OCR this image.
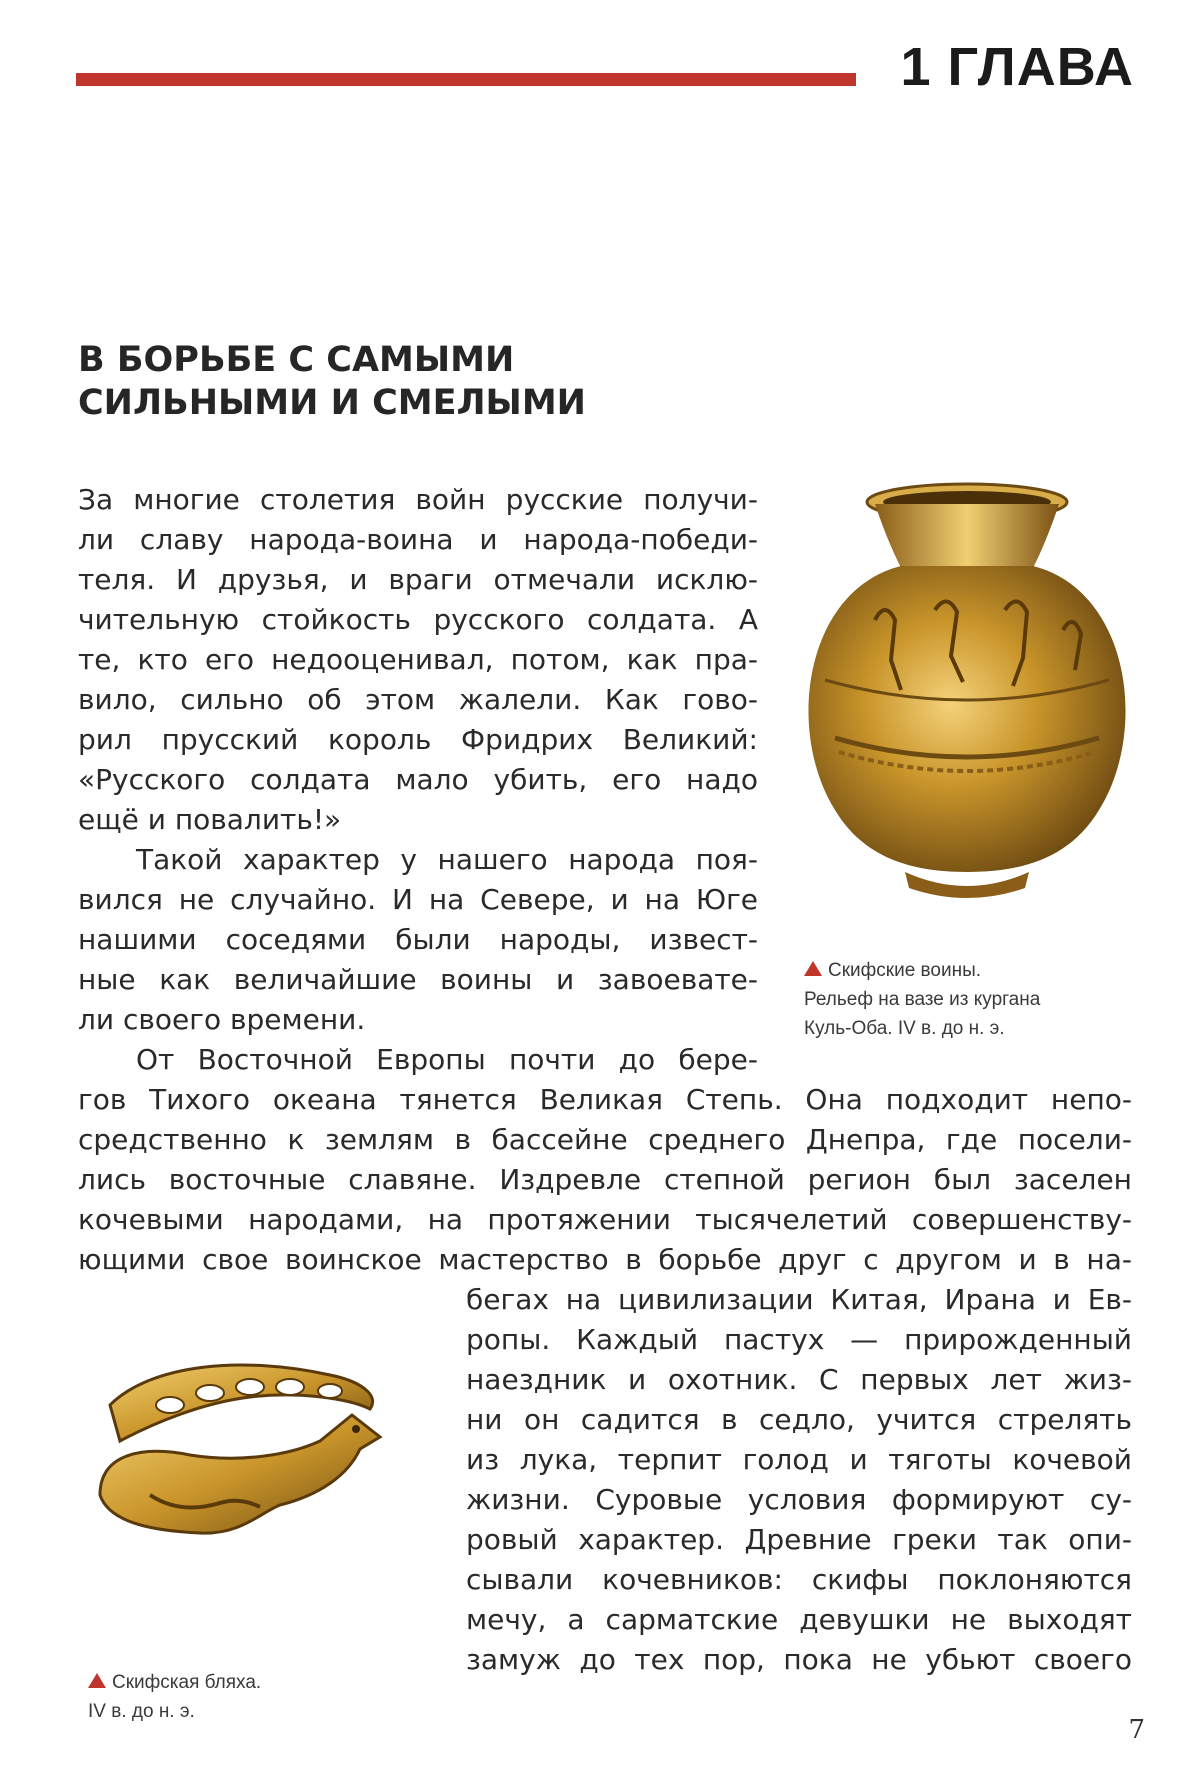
1 ГЛАВА
В БОРЬБЕ С САМЫМИ
СИЛЬНЫМИ И СМЕЛЫМИ
За многие столетия войн русские получи-
ли славу народа-воина и народа-победи-
теля. И друзья, и враги отмечали исклю-
чительную стойкость русского солдата. А
те, кто его недооценивал, потом, как пра-
вило, сильно об этом жалели. Как гово-
рил прусский король Фридрих Великий:
«Русского солдата мало убить, его надо
ещё и повалить!»
Такой характер у нашего народа поя-
вился не случайно. И на Севере, и на Юге
нашими соседями были народы, извест-
ные как величайшие воины и завоевате-
ли своего времени.
От Восточной Европы почти до бере-
гов Тихого океана тянется Великая Степь. Она подходит непо-
средственно к землям в бассейне среднего Днепра, где посели-
лись восточные славяне. Издревле степной регион был заселен
кочевыми народами, на протяжении тысячелетий совершенству-
ющими свое воинское мастерство в борьбе друг с другом и в на-
бегах на цивилизации Китая, Ирана и Ев-
ропы. Каждый пастух — прирожденный
наездник и охотник. С первых лет жиз-
ни он садится в седло, учится стрелять
из лука, терпит голод и тяготы кочевой
жизни. Суровые условия формируют су-
ровый характер. Древние греки так опи-
сывали кочевников: скифы поклоняются
мечу, а сарматские девушки не выходят
замуж до тех пор, пока не убьют своего
Скифские воины.
Рельеф на вазе из кургана
Куль-Оба. IV в. до н. э.
Скифская бляха.
IV в. до н. э.
7
